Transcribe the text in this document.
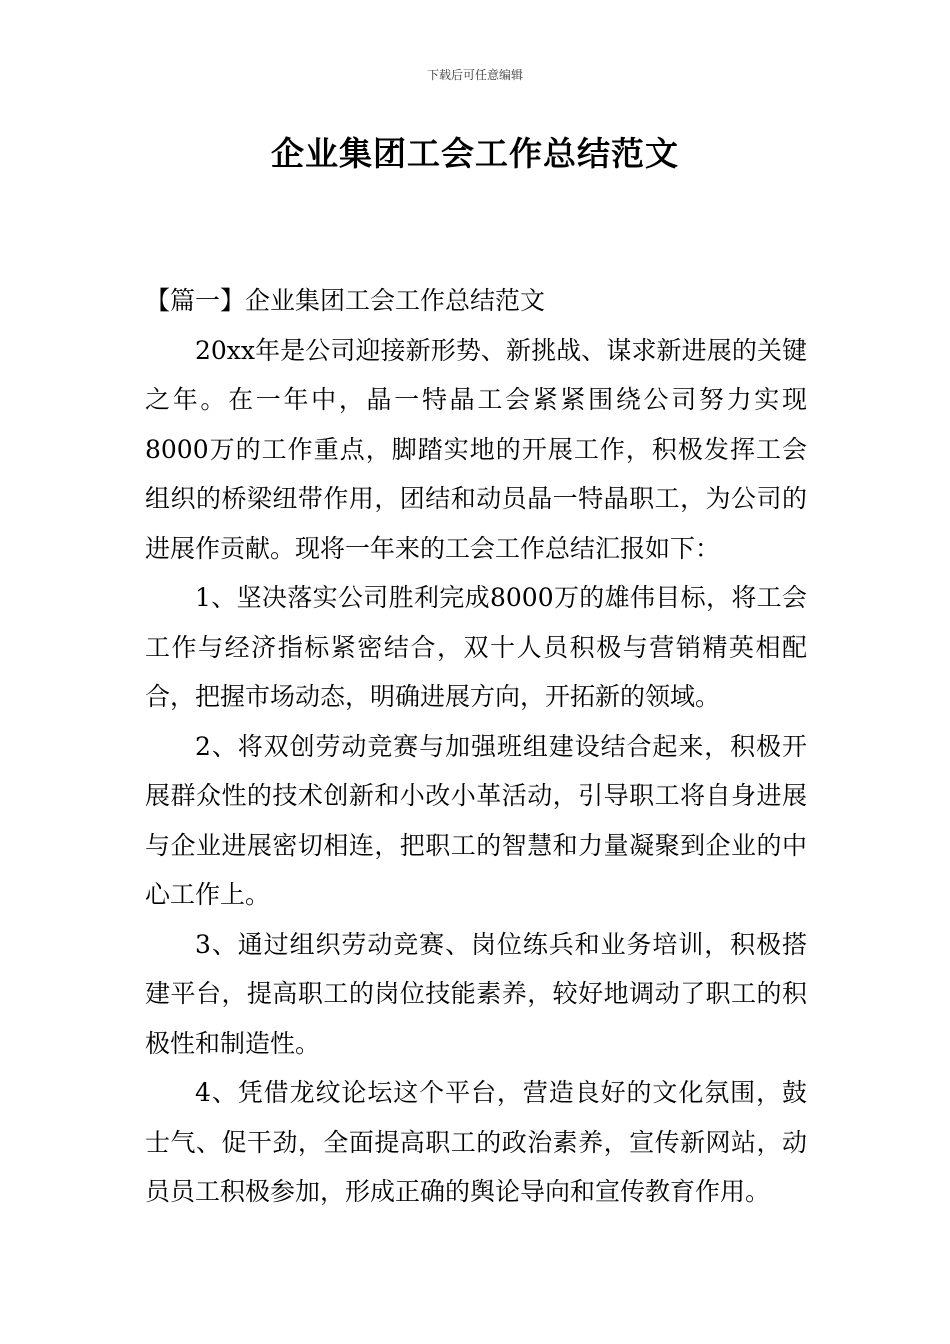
下载后可任意编辑
企业集团工会工作总结范文

【篇一】企业集团工会工作总结范文

20xx年是公司迎接新形势、新挑战、谋求新进展的关键之年。在一年中，晶一特晶工会紧紧围绕公司努力实现8000万的工作重点，脚踏实地的开展工作，积极发挥工会组织的桥梁纽带作用，团结和动员晶一特晶职工，为公司的进展作贡献。现将一年来的工会工作总结汇报如下：

1、坚决落实公司胜利完成8000万的雄伟目标，将工会工作与经济指标紧密结合，双十人员积极与营销精英相配合，把握市场动态，明确进展方向，开拓新的领域。

2、将双创劳动竞赛与加强班组建设结合起来，积极开展群众性的技术创新和小改小革活动，引导职工将自身进展与企业进展密切相连，把职工的智慧和力量凝聚到企业的中心工作上。

3、通过组织劳动竞赛、岗位练兵和业务培训，积极搭建平台，提高职工的岗位技能素养，较好地调动了职工的积极性和制造性。

4、凭借龙纹论坛这个平台，营造良好的文化氛围，鼓士气、促干劲，全面提高职工的政治素养，宣传新网站，动员员工积极参加，形成正确的舆论导向和宣传教育作用。
